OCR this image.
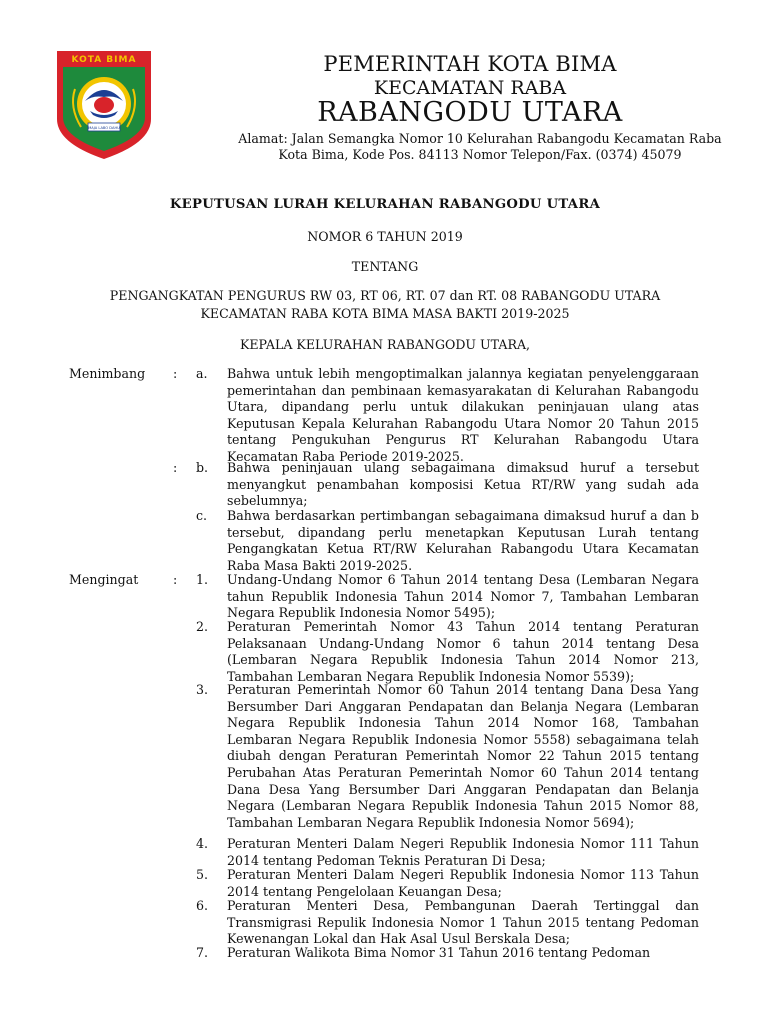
KOTA BIMA
MAJA LABO DAHU
PEMERINTAH KOTA BIMA
KECAMATAN RABA
RABANGODU UTARA
Alamat: Jalan Semangka Nomor 10 Kelurahan Rabangodu Kecamatan Raba
Kota Bima, Kode Pos. 84113 Nomor Telepon/Fax. (0374) 45079
KEPUTUSAN LURAH KELURAHAN RABANGODU UTARA
NOMOR 6 TAHUN 2019
TENTANG
PENGANGKATAN PENGURUS RW 03, RT 06, RT. 07 dan RT. 08 RABANGODU UTARA
KECAMATAN RABA KOTA BIMA MASA BAKTI 2019-2025
KEPALA KELURAHAN RABANGODU UTARA,
Menimbang : a. Bahwa untuk lebih mengoptimalkan jalannya kegiatan penyelenggaraan pemerintahan dan pembinaan kemasyarakatan di Kelurahan Rabangodu Utara, dipandang perlu untuk dilakukan peninjauan ulang atas Keputusan Kepala Kelurahan Rabangodu Utara Nomor 20 Tahun 2015 tentang Pengukuhan Pengurus RT Kelurahan Rabangodu Utara Kecamatan Raba Periode 2019-2025.
: b. Bahwa peninjauan ulang sebagaimana dimaksud huruf a tersebut menyangkut penambahan komposisi Ketua RT/RW yang sudah ada sebelumnya;
c. Bahwa berdasarkan pertimbangan sebagaimana dimaksud huruf a dan b tersebut, dipandang perlu menetapkan Keputusan Lurah tentang Pengangkatan Ketua RT/RW Kelurahan Rabangodu Utara Kecamatan Raba Masa Bakti 2019-2025.
Mengingat	: 1. Undang-Undang Nomor 6 Tahun 2014 tentang Desa (Lembaran Negara tahun Republik Indonesia Tahun 2014 Nomor 7, Tambahan Lembaran Negara Republik Indonesia Nomor 5495);
2. Peraturan Pemerintah Nomor 43 Tahun 2014 tentang Peraturan Pelaksanaan Undang-Undang Nomor 6 tahun 2014 tentang Desa (Lembaran Negara Republik Indonesia Tahun 2014 Nomor 213, Tambahan Lembaran Negara Republik Indonesia Nomor 5539);
3. Peraturan Pemerintah Nomor 60 Tahun 2014 tentang Dana Desa Yang Bersumber Dari Anggaran Pendapatan dan Belanja Negara (Lembaran Negara Republik Indonesia Tahun 2014 Nomor 168, Tambahan Lembaran Negara Republik Indonesia Nomor 5558) sebagaimana telah diubah dengan Peraturan Pemerintah Nomor 22 Tahun 2015 tentang Perubahan Atas Peraturan Pemerintah Nomor 60 Tahun 2014 tentang Dana Desa Yang Bersumber Dari Anggaran Pendapatan dan Belanja Negara (Lembaran Negara Republik Indonesia Tahun 2015 Nomor 88, Tambahan Lembaran Negara Republik Indonesia Nomor 5694);
4. Peraturan Menteri Dalam Negeri Republik Indonesia Nomor 111 Tahun 2014 tentang Pedoman Teknis Peraturan Di Desa;
5. Peraturan Menteri Dalam Negeri Republik Indonesia Nomor 113 Tahun 2014 tentang Pengelolaan Keuangan Desa;
6. Peraturan Menteri Desa, Pembangunan Daerah Tertinggal dan Transmigrasi Repulik Indonesia Nomor 1 Tahun 2015 tentang Pedoman Kewenangan Lokal dan Hak Asal Usul Berskala Desa;
7. Peraturan Walikota Bima Nomor 31 Tahun 2016 tentang Pedoman
